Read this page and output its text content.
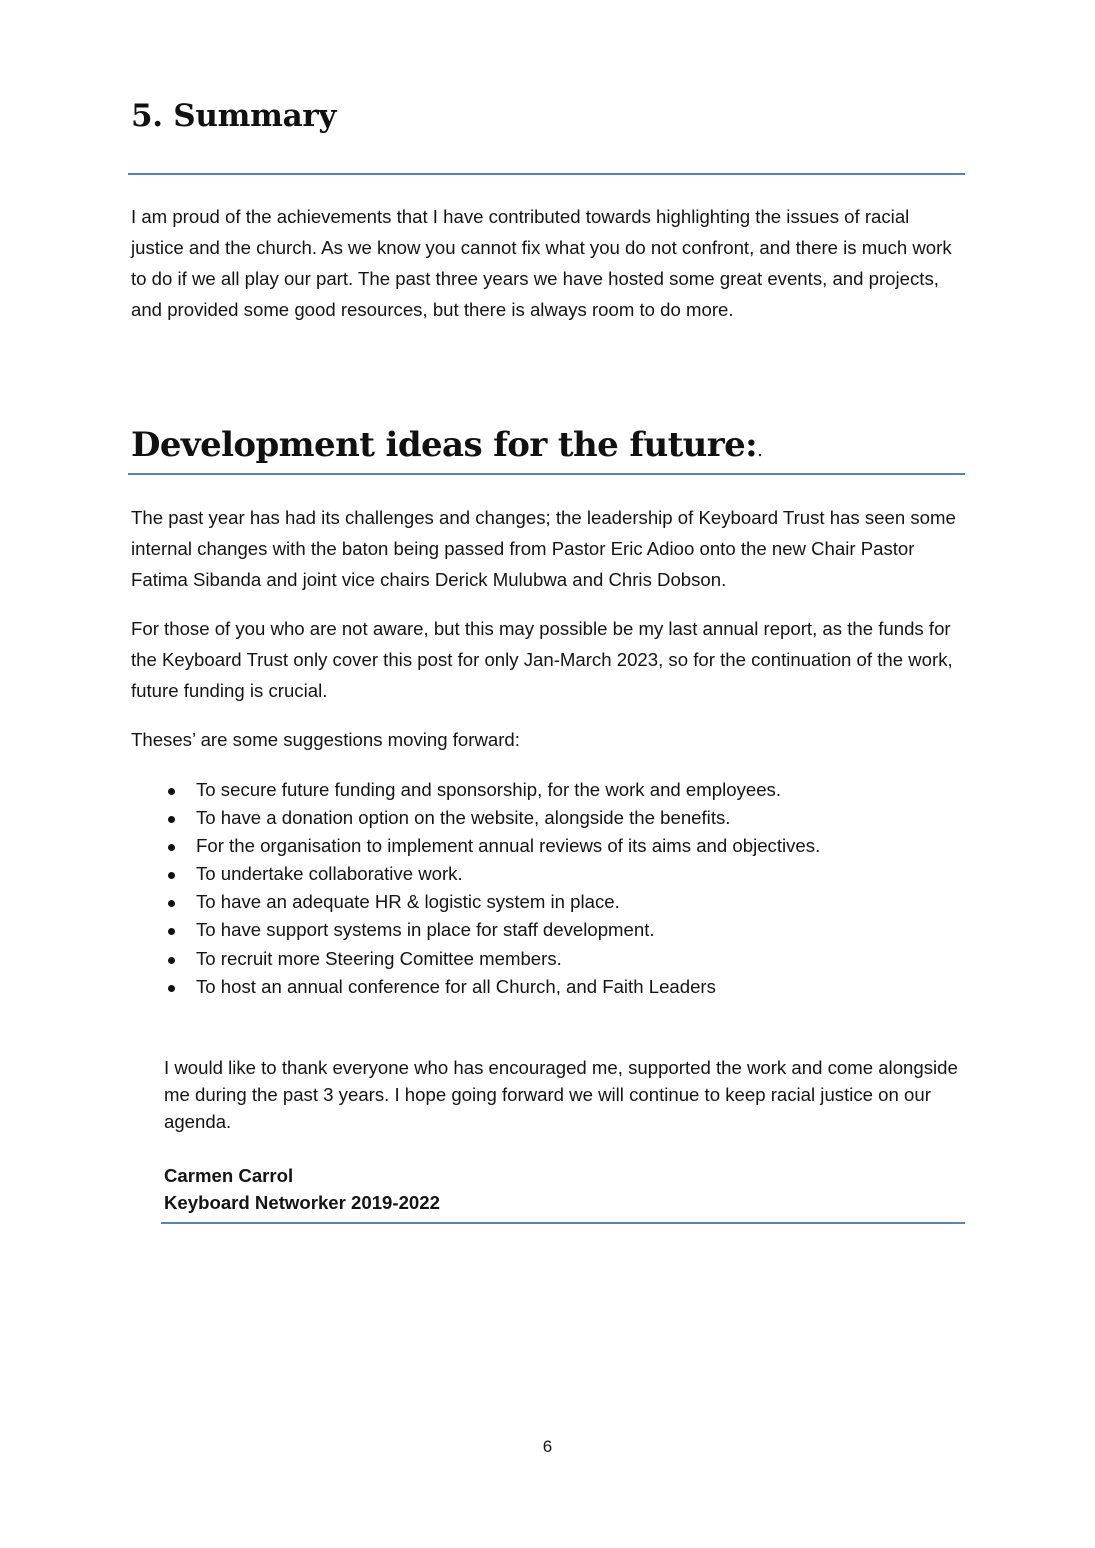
5. Summary

I am proud of the achievements that I have contributed towards highlighting the issues of racial justice and the church. As we know you cannot fix what you do not confront, and there is much work to do if we all play our part. The past three years we have hosted some great events, and projects, and provided some good resources, but there is always room to do more.

Development ideas for the future:.

The past year has had its challenges and changes; the leadership of Keyboard Trust has seen some internal changes with the baton being passed from Pastor Eric Adioo onto the new Chair Pastor Fatima Sibanda and joint vice chairs Derick Mulubwa and Chris Dobson.

For those of you who are not aware, but this may possible be my last annual report, as the funds for the Keyboard Trust only cover this post for only Jan-March 2023, so for the continuation of the work, future funding is crucial.

Theses’ are some suggestions moving forward:

To secure future funding and sponsorship, for the work and employees.
To have a donation option on the website, alongside the benefits.
For the organisation to implement annual reviews of its aims and objectives.
To undertake collaborative work.
To have an adequate HR & logistic system in place.
To have support systems in place for staff development.
To recruit more Steering Comittee members.
To host an annual conference for all Church, and Faith Leaders

I would like to thank everyone who has encouraged me, supported the work and come alongside me during the past 3 years. I hope going forward we will continue to keep racial justice on our agenda.

Carmen Carrol

Keyboard Networker 2019-2022

6
